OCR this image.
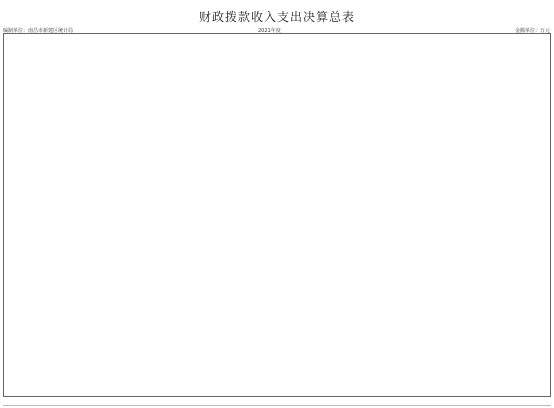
财政拨款收入支出决算总表
编制单位：南昌市新建区统计局	2021年度	金额单位：万元
